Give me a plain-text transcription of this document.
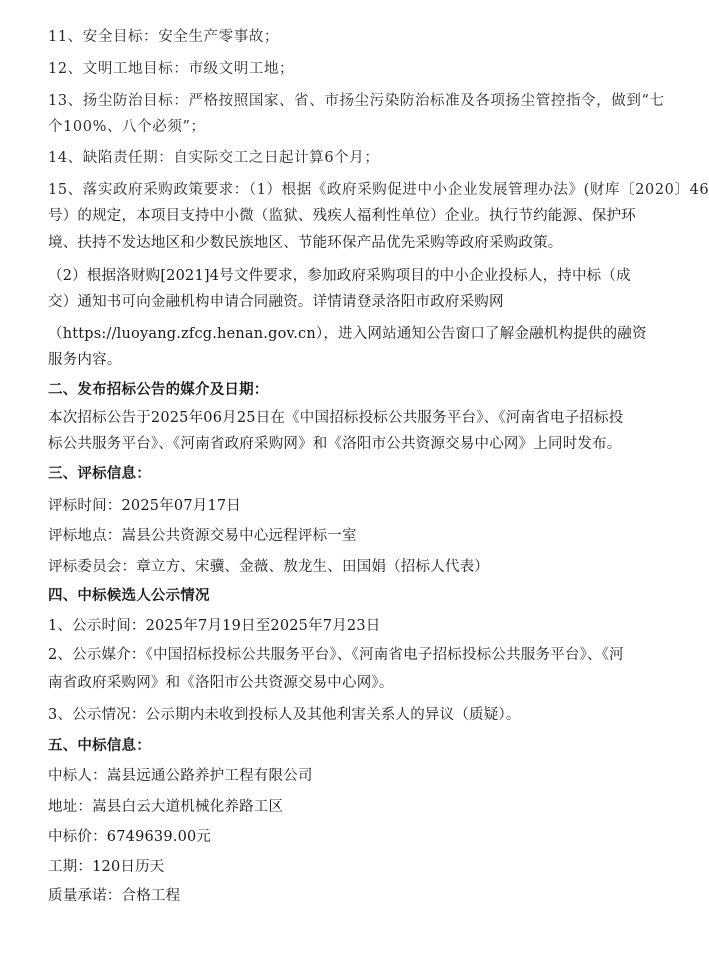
11、安全目标：安全生产零事故；
12、文明工地目标：市级文明工地；
13、扬尘防治目标：严格按照国家、省、市扬尘污染防治标准及各项扬尘管控指令，做到“七
个100%、八个必须”；
14、缺陷责任期：自实际交工之日起计算6个月；
15、落实政府采购政策要求：（1）根据《政府采购促进中小企业发展管理办法》(财库〔2020〕46
号）的规定，本项目支持中小微（监狱、残疾人福利性单位）企业。执行节约能源、保护环
境、扶持不发达地区和少数民族地区、节能环保产品优先采购等政府采购政策。
（2）根据洛财购[2021]4号文件要求，参加政府采购项目的中小企业投标人，持中标（成
交）通知书可向金融机构申请合同融资。详情请登录洛阳市政府采购网
（https://luoyang.zfcg.henan.gov.cn），进入网站通知公告窗口了解金融机构提供的融资
服务内容。
二、发布招标公告的媒介及日期：
本次招标公告于2025年06月25日在《中国招标投标公共服务平台》、《河南省电子招标投
标公共服务平台》、《河南省政府采购网》和《洛阳市公共资源交易中心网》上同时发布。
三、评标信息：
评标时间：2025年07月17日
评标地点：嵩县公共资源交易中心远程评标一室
评标委员会：章立方、宋骥、金薇、敖龙生、田国娟（招标人代表）
四、中标候选人公示情况
1、公示时间：2025年7月19日至2025年7月23日
2、公示媒介：《中国招标投标公共服务平台》、《河南省电子招标投标公共服务平台》、《河
南省政府采购网》和《洛阳市公共资源交易中心网》。
3、公示情况：公示期内未收到投标人及其他利害关系人的异议（质疑）。
五、中标信息：
中标人：嵩县远通公路养护工程有限公司
地址：嵩县白云大道机械化养路工区
中标价：6749639.00元
工期：120日历天
质量承诺：合格工程
